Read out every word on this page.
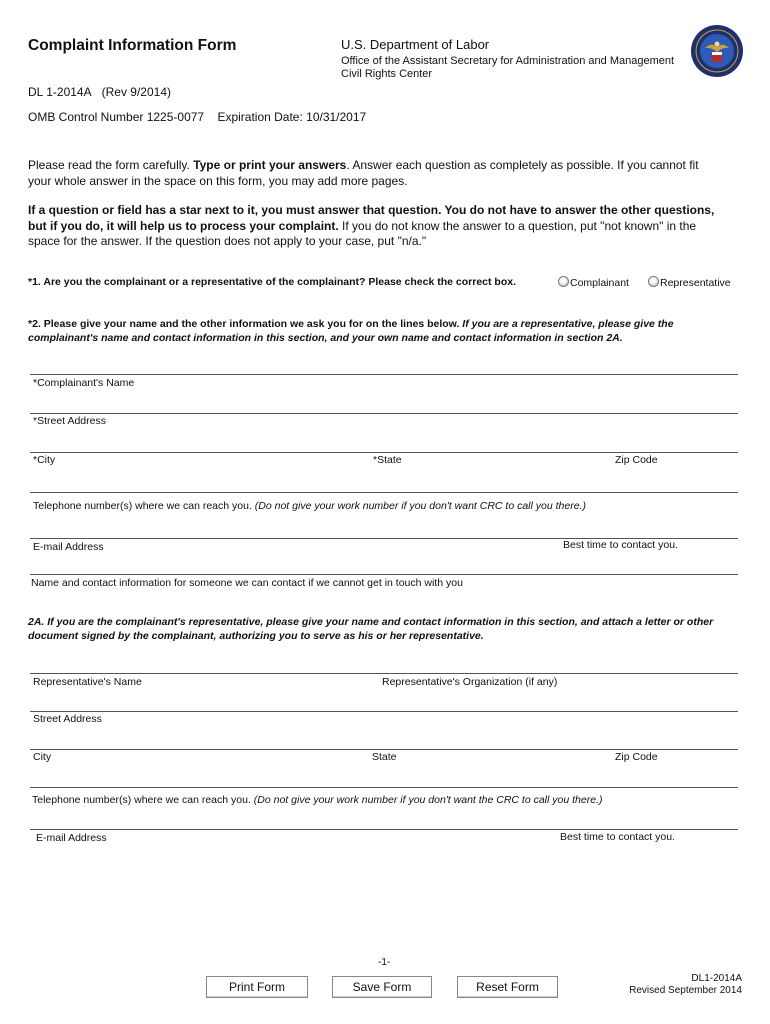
Complaint Information Form	U.S. Department of Labor
Office of the Assistant Secretary for Administration and Management
Civil Rights Center
DL 1-2014A (Rev 9/2014)
OMB Control Number 1225-0077 Expiration Date: 10/31/2017
Please read the form carefully. Type or print your answers. Answer each question as completely as possible. If you cannot fit your whole answer in the space on this form, you may add more pages.
If a question or field has a star next to it, you must answer that question. You do not have to answer the other questions, but if you do, it will help us to process your complaint. If you do not know the answer to a question, put "not known" in the space for the answer. If the question does not apply to your case, put "n/a."
*1. Are you the complainant or a representative of the complainant? Please check the correct box.	Complainant	Representative
*2. Please give your name and the other information we ask you for on the lines below. If you are a representative, please give the complainant's name and contact information in this section, and your own name and contact information in section 2A.
*Complainant's Name
*Street Address
*City	*State	Zip Code
Telephone number(s) where we can reach you. (Do not give your work number if you don't want CRC to call you there.)
Best time to contact you.
E-mail Address
Name and contact information for someone we can contact if we cannot get in touch with you
2A. If you are the complainant's representative, please give your name and contact information in this section, and attach a letter or other document signed by the complainant, authorizing you to serve as his or her representative.
Representative's Name	Representative's Organization (if any)
Street Address
City	State	Zip Code
Telephone number(s) where we can reach you. (Do not give your work number if you don't want the CRC to call you there.)
Best time to contact you.
E-mail Address
-1-
Print Form	Save Form	Reset Form
DL1-2014A
Revised September 2014
